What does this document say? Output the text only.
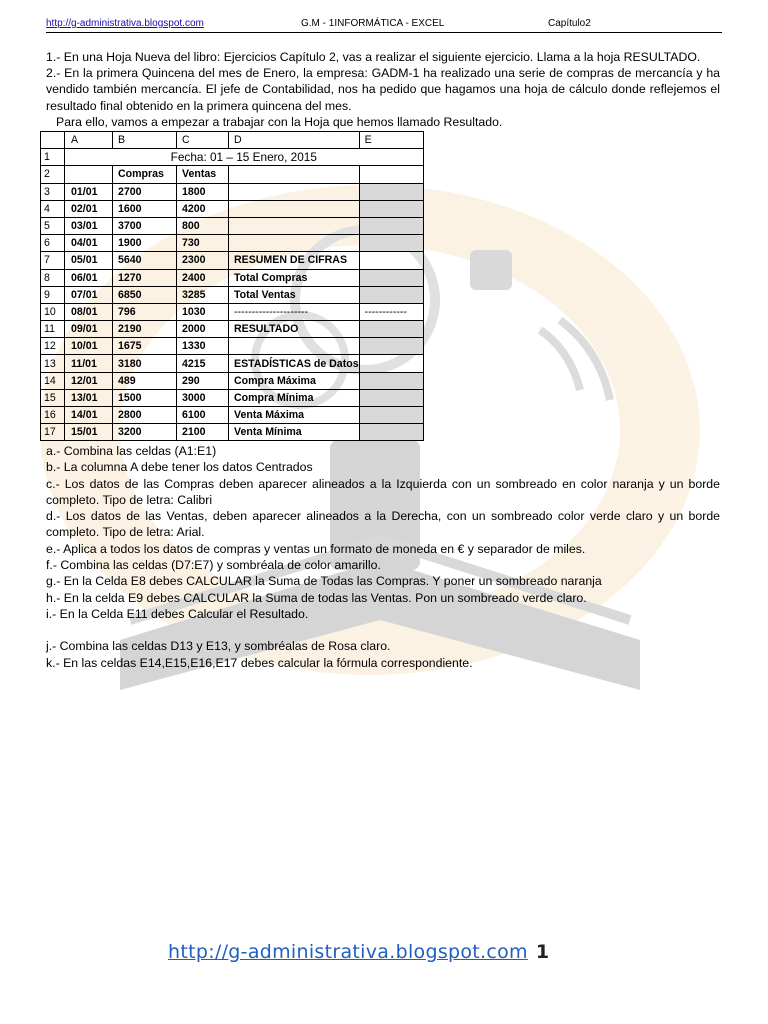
http://g-administrativa.blogspot.com	G.M - 1INFORMÁTICA - EXCEL	Capítulo2

1.- En una Hoja Nueva del libro: Ejercicios Capítulo 2, vas a realizar el siguiente ejercicio. Llama a la hoja RESULTADO.

2.- En la primera Quincena del mes de Enero, la empresa: GADM-1 ha realizado una serie de compras de mercancía y ha vendido también mercancía. El jefe de Contabilidad, nos ha pedido que hagamos una hoja de cálculo donde reflejemos el resultado final obtenido en la primera quincena del mes.

Para ello, vamos a empezar a trabajar con la Hoja que hemos llamado Resultado.

	A	B	C	D	E
1	Fecha: 01 – 15 Enero, 2015				
2		Compras	Ventas		
3	01/01	2700	1800		
4	02/01	1600	4200		
5	03/01	3700	800		
6	04/01	1900	730		
7	05/01	5640	2300	RESUMEN DE CIFRAS	
8	06/01	1270	2400	Total Compras	
9	07/01	6850	3285	Total Ventas	
10	08/01	796	1030	---------------------	------------
11	09/01	2190	2000	RESULTADO	
12	10/01	1675	1330		
13	11/01	3180	4215	ESTADÍSTICAS de Datos	
14	12/01	489	290	Compra Máxima	
15	13/01	1500	3000	Compra Mínima	
16	14/01	2800	6100	Venta Máxima	
17	15/01	3200	2100	Venta Mínima	

a.- Combina las celdas (A1:E1)

b.- La columna A debe tener los datos Centrados

c.- Los datos de las Compras deben aparecer alineados a la Izquierda con un sombreado en color naranja y un borde completo. Tipo de letra: Calibri

d.- Los datos de las Ventas, deben aparecer alineados a la Derecha, con un sombreado color verde claro y un borde completo. Tipo de letra: Arial.

e.- Aplica a todos los datos de compras y ventas un formato de moneda en € y separador de miles.

f.- Combina las celdas (D7:E7) y sombréala de color amarillo.

g.- En la Celda E8 debes CALCULAR la Suma de Todas las Compras. Y poner un sombreado naranja

h.- En la celda E9 debes CALCULAR la Suma de todas las Ventas. Pon un sombreado verde claro.

i.- En la Celda E11 debes Calcular el Resultado.

j.- Combina las celdas D13 y E13, y sombréalas de Rosa claro.

k.- En las celdas E14,E15,E16,E17 debes calcular la fórmula correspondiente.

http://g-administrativa.blogspot.com 1
